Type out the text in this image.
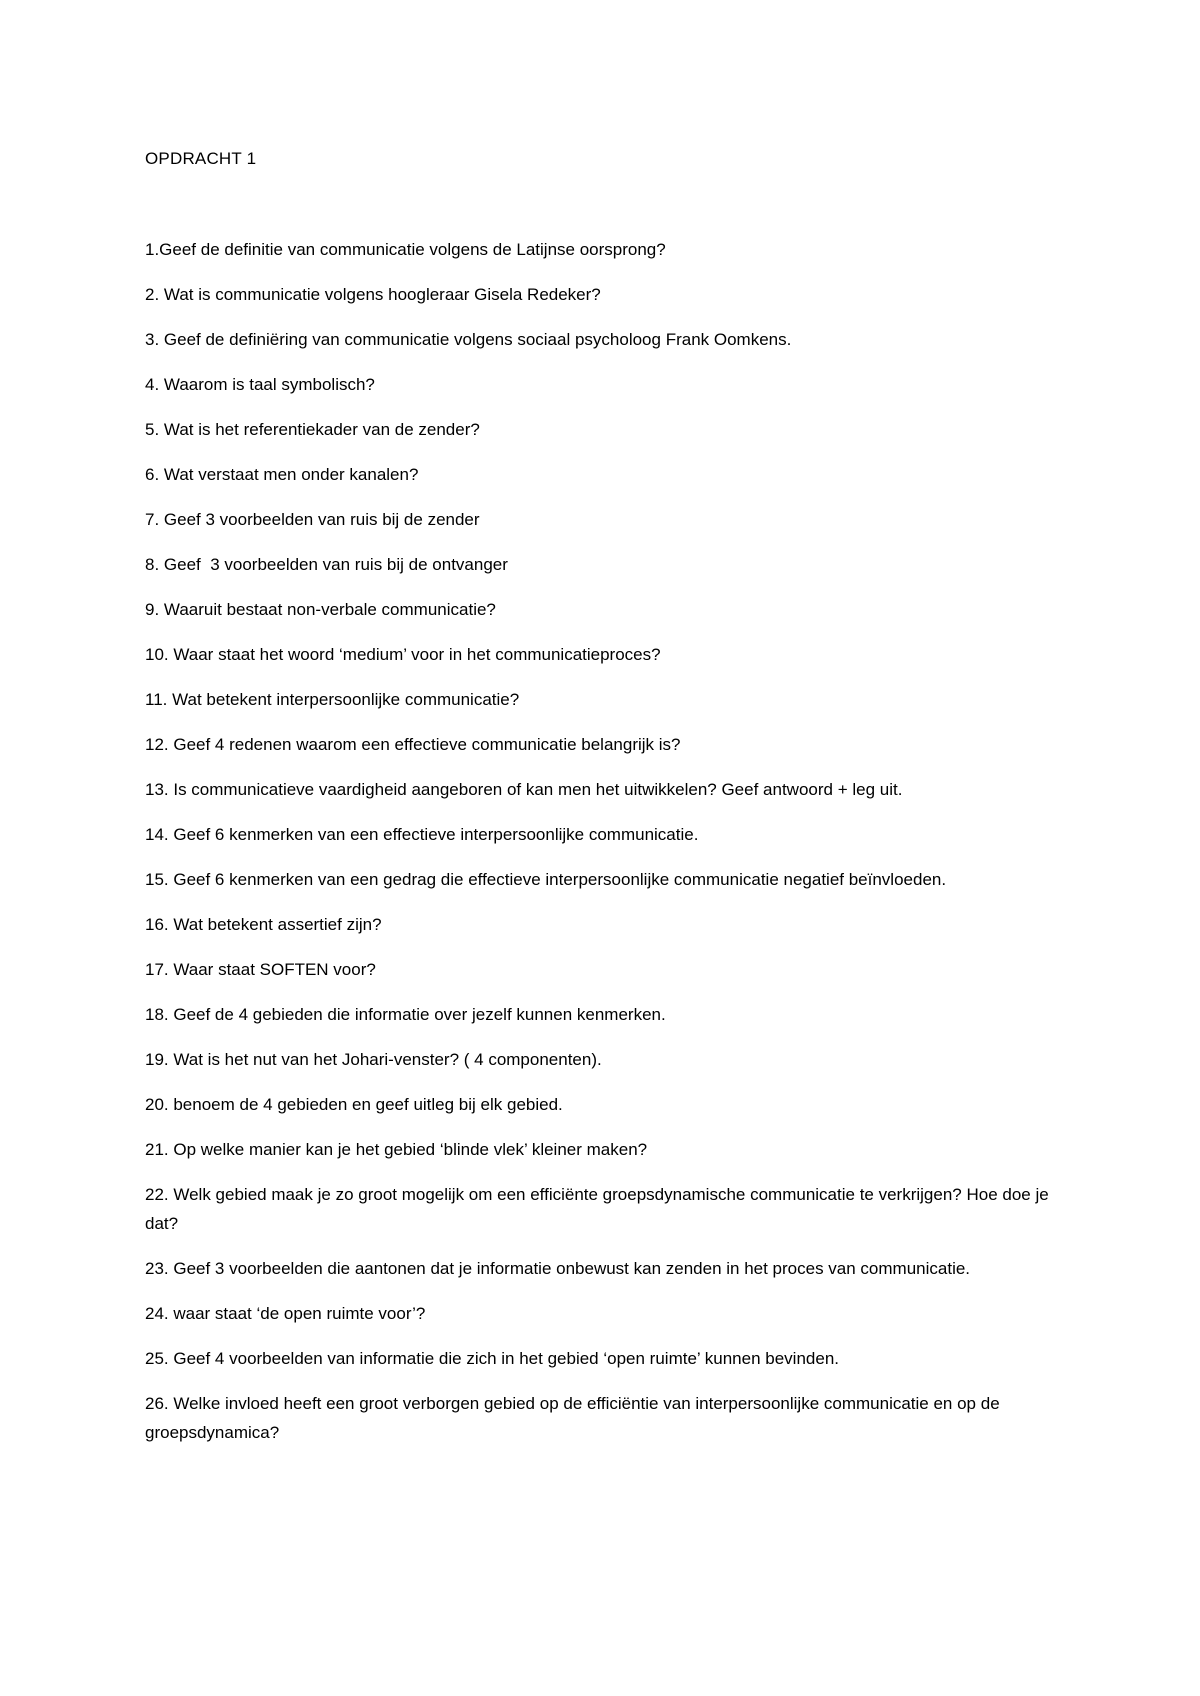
OPDRACHT 1
1.Geef de definitie van communicatie volgens de Latijnse oorsprong?
2. Wat is communicatie volgens hoogleraar Gisela Redeker?
3. Geef de definiëring van communicatie volgens sociaal psycholoog Frank Oomkens.
4. Waarom is taal symbolisch?
5. Wat is het referentiekader van de zender?
6. Wat verstaat men onder kanalen?
7. Geef 3 voorbeelden van ruis bij de zender
8. Geef  3 voorbeelden van ruis bij de ontvanger
9. Waaruit bestaat non-verbale communicatie?
10. Waar staat het woord ‘medium’ voor in het communicatieproces?
11. Wat betekent interpersoonlijke communicatie?
12. Geef 4 redenen waarom een effectieve communicatie belangrijk is?
13. Is communicatieve vaardigheid aangeboren of kan men het uitwikkelen? Geef antwoord + leg uit.
14. Geef 6 kenmerken van een effectieve interpersoonlijke communicatie.
15. Geef 6 kenmerken van een gedrag die effectieve interpersoonlijke communicatie negatief beïnvloeden.
16. Wat betekent assertief zijn?
17. Waar staat SOFTEN voor?
18. Geef de 4 gebieden die informatie over jezelf kunnen kenmerken.
19. Wat is het nut van het Johari-venster? ( 4 componenten).
20. benoem de 4 gebieden en geef uitleg bij elk gebied.
21. Op welke manier kan je het gebied ‘blinde vlek’ kleiner maken?
22. Welk gebied maak je zo groot mogelijk om een efficiënte groepsdynamische communicatie te verkrijgen? Hoe doe je dat?
23. Geef 3 voorbeelden die aantonen dat je informatie onbewust kan zenden in het proces van communicatie.
24. waar staat ‘de open ruimte voor’?
25. Geef 4 voorbeelden van informatie die zich in het gebied ‘open ruimte’ kunnen bevinden.
26. Welke invloed heeft een groot verborgen gebied op de efficiëntie van interpersoonlijke communicatie en op de groepsdynamica?
